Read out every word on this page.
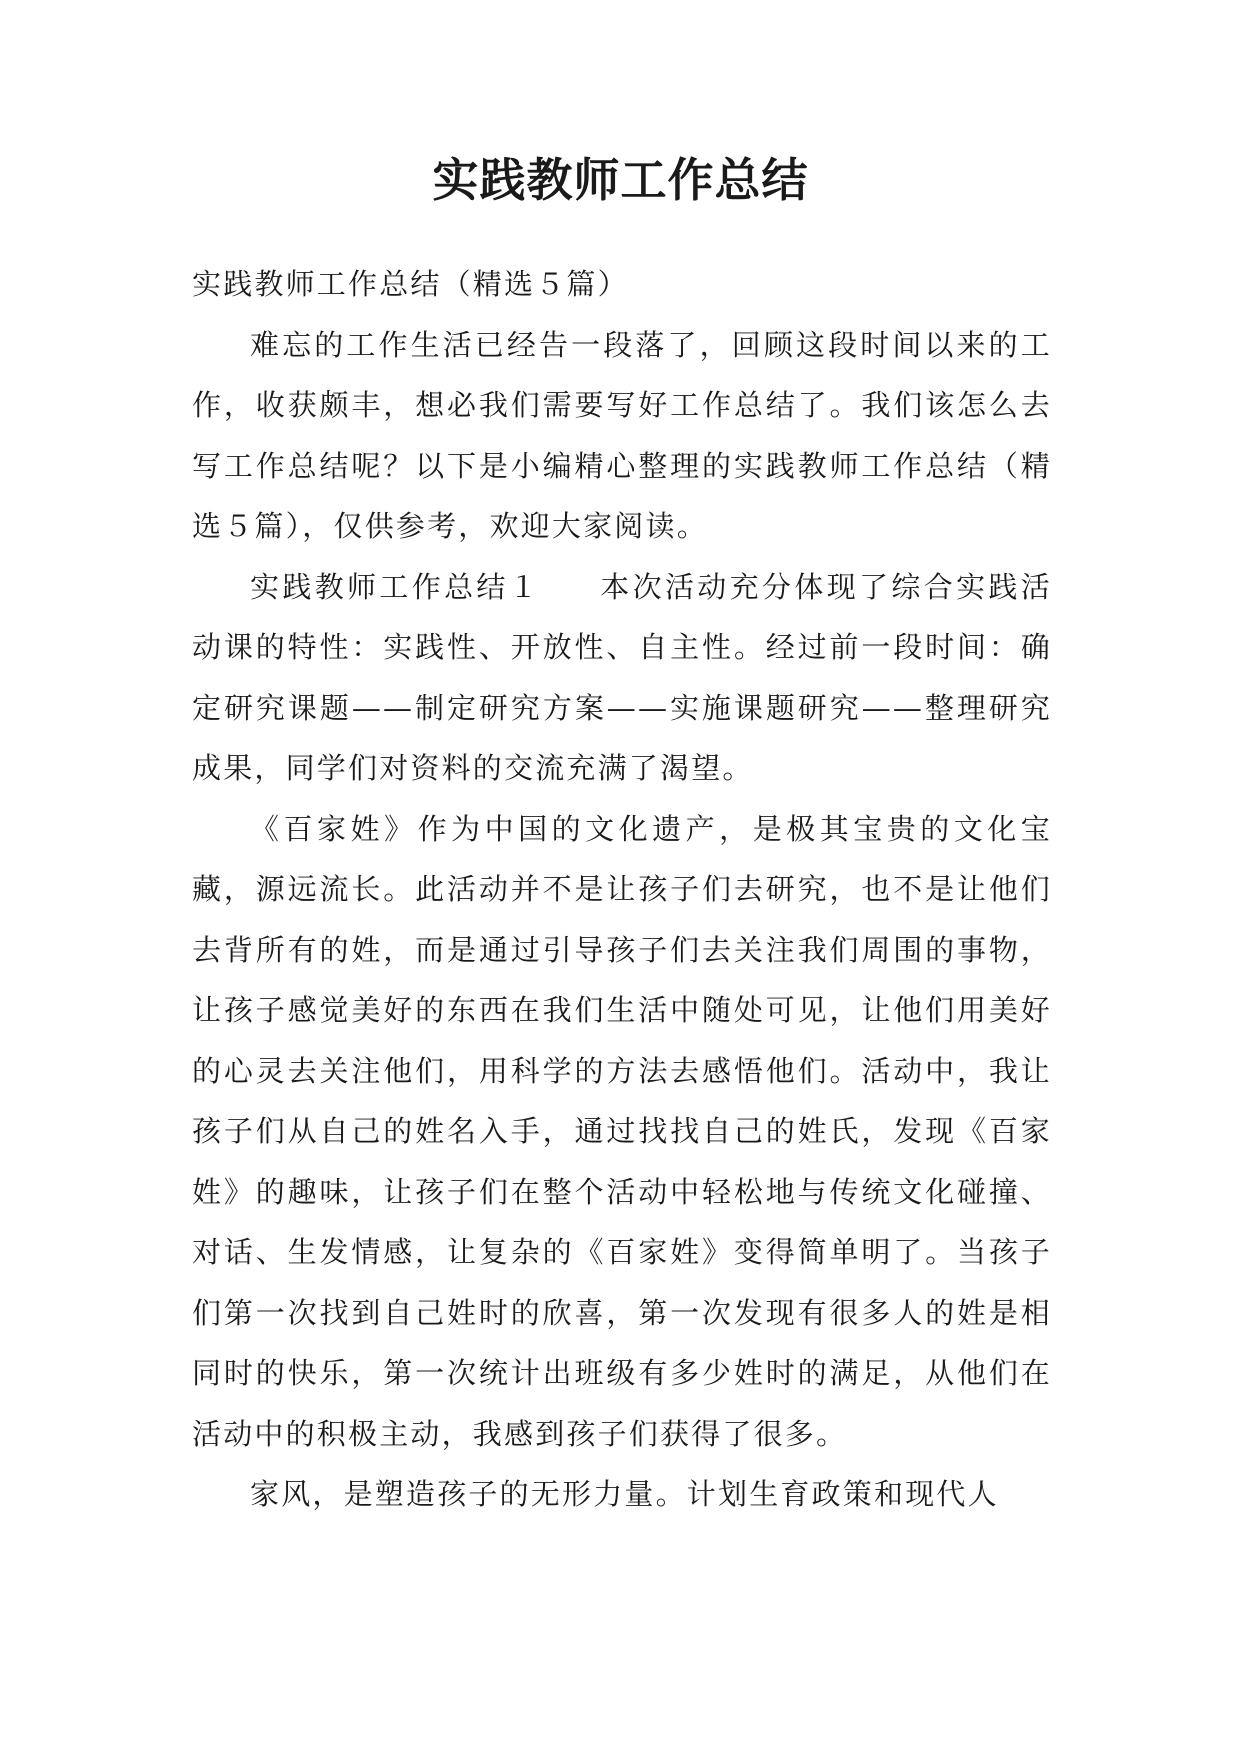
实践教师工作总结

实践教师工作总结（精选５篇）

难忘的工作生活已经告一段落了，回顾这段时间以来的工作，收获颇丰，想必我们需要写好工作总结了。我们该怎么去写工作总结呢？以下是小编精心整理的实践教师工作总结（精选５篇），仅供参考，欢迎大家阅读。

实践教师工作总结１ 本次活动充分体现了综合实践活动课的特性：实践性、开放性、自主性。经过前一段时间：确定研究课题——制定研究方案——实施课题研究——整理研究成果，同学们对资料的交流充满了渴望。

《百家姓》作为中国的文化遗产，是极其宝贵的文化宝藏，源远流长。此活动并不是让孩子们去研究，也不是让他们去背所有的姓，而是通过引导孩子们去关注我们周围的事物，让孩子感觉美好的东西在我们生活中随处可见，让他们用美好的心灵去关注他们，用科学的方法去感悟他们。活动中，我让孩子们从自己的姓名入手，通过找找自己的姓氏，发现《百家姓》的趣味，让孩子们在整个活动中轻松地与传统文化碰撞、对话、生发情感，让复杂的《百家姓》变得简单明了。当孩子们第一次找到自己姓时的欣喜，第一次发现有很多人的姓是相同时的快乐，第一次统计出班级有多少姓时的满足，从他们在活动中的积极主动，我感到孩子们获得了很多。

家风，是塑造孩子的无形力量。计划生育政策和现代人
